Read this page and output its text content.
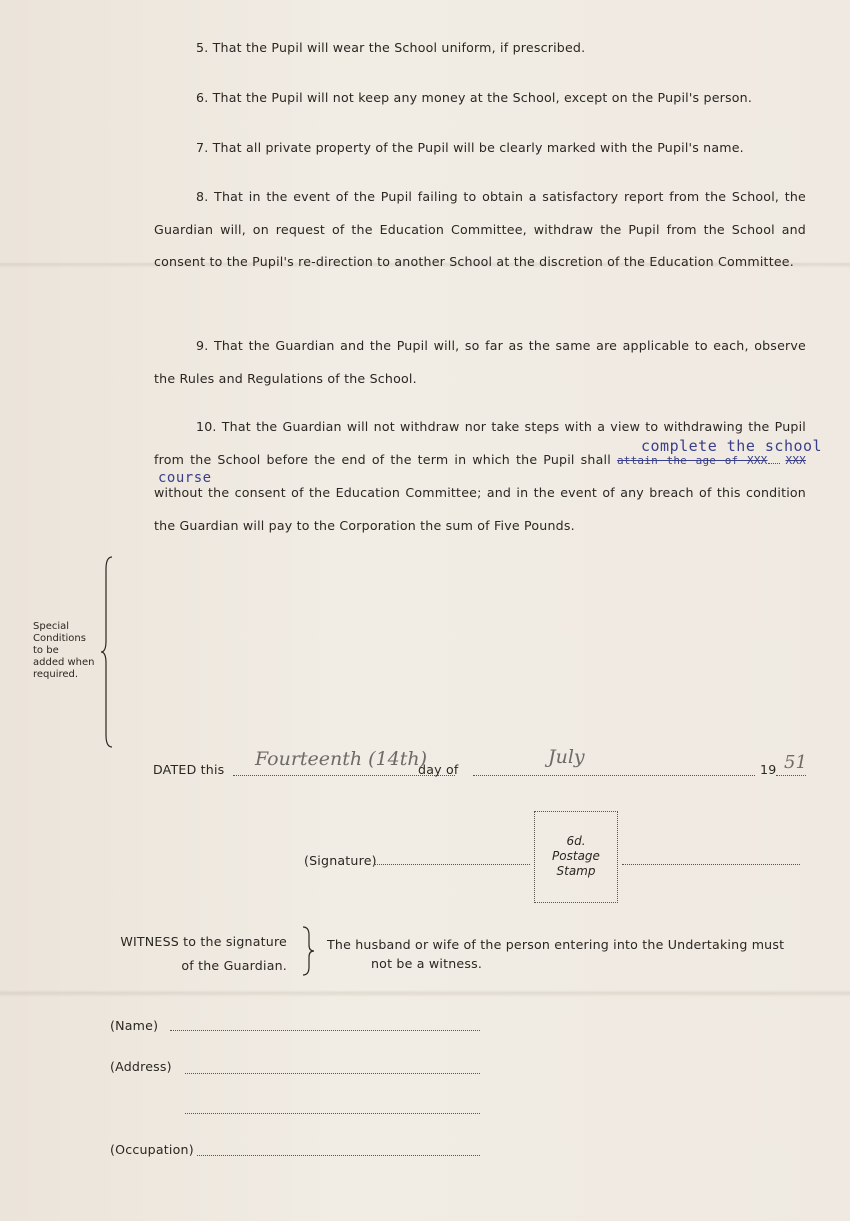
5. That the Pupil will wear the School uniform, if prescribed.
6. That the Pupil will not keep any money at the School, except on the Pupil's person.
7. That all private property of the Pupil will be clearly marked with the Pupil's name.
8. That in the event of the Pupil failing to obtain a satisfactory report from the School, the Guardian will, on request of the Education Committee, withdraw the Pupil from the School and consent to the Pupil's re-direction to another School at the discretion of the Education Committee.
9. That the Guardian and the Pupil will, so far as the same are applicable to each, observe the Rules and Regulations of the School.
complete the school
course
10. That the Guardian will not withdraw nor take steps with a view to withdrawing the Pupil from the School before the end of the term in which the Pupil shall attain the age of XXX XXX without the consent of the Education Committee; and in the event of any breach of this condition the Guardian will pay to the Corporation the sum of Five Pounds.
Special
Conditions
to be
added when
required.
DATED this Fourteenth (14th)
day of
July
19 51
(Signature)
6d.
Postage
Stamp
WITNESS to the signature
of the Guardian.
The husband or wife of the person entering into the Undertaking must
not be a witness.
(Name)
(Address)
(Occupation)
